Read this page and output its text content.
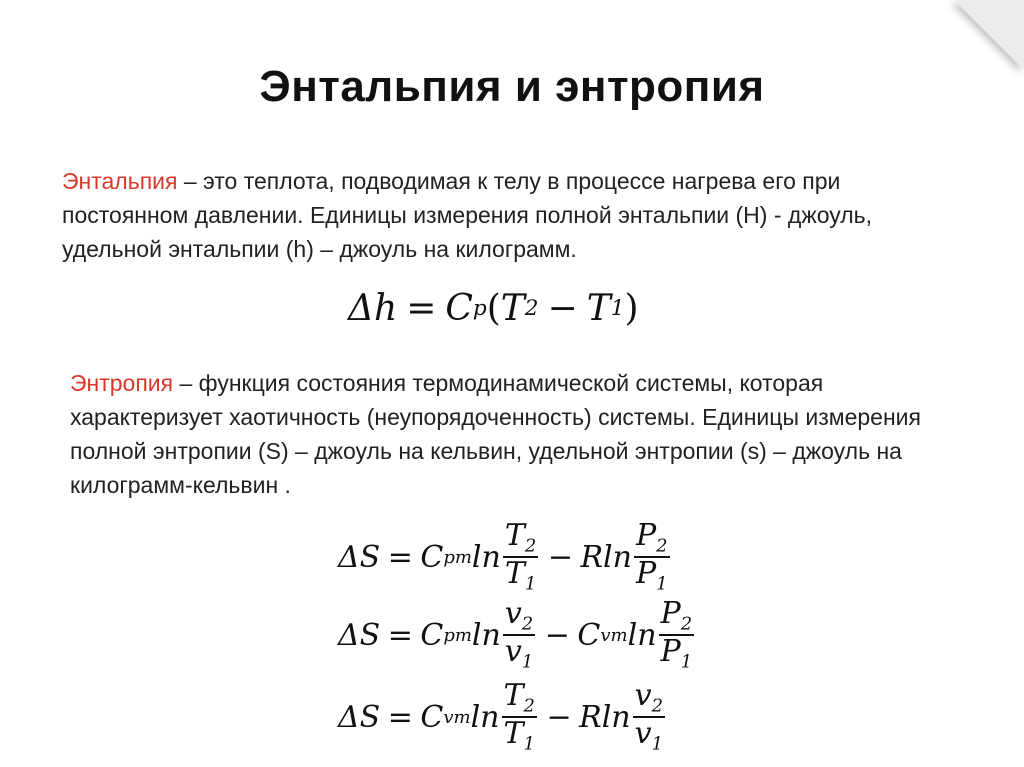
Энтальпия и энтропия

Энтальпия – это теплота, подводимая к телу в процессе нагрева его при постоянном давлении. Единицы измерения полной энтальпии (H) - джоуль, удельной энтальпии (h) – джоуль на килограмм.

Δh = C p ( T 2 − T 1 )

Энтропия – функция состояния термодинамической системы, которая характеризует хаотичность (неупорядоченность) системы. Единицы измерения полной энтропии (S) – джоуль на кельвин, удельной энтропии (s) – джоуль на килограмм-кельвин .

ΔS = C pm $\ln \frac{T_2}{T_1} - Rln \frac{P_2}{P_1}$
ΔS = C pm $\ln \frac{v_2}{v_1} - C$ vm $\ln \frac{P_2}{P_1}$
ΔS = C vm $\ln \frac{T_2}{T_1} - Rln \frac{v_2}{v_1}$
